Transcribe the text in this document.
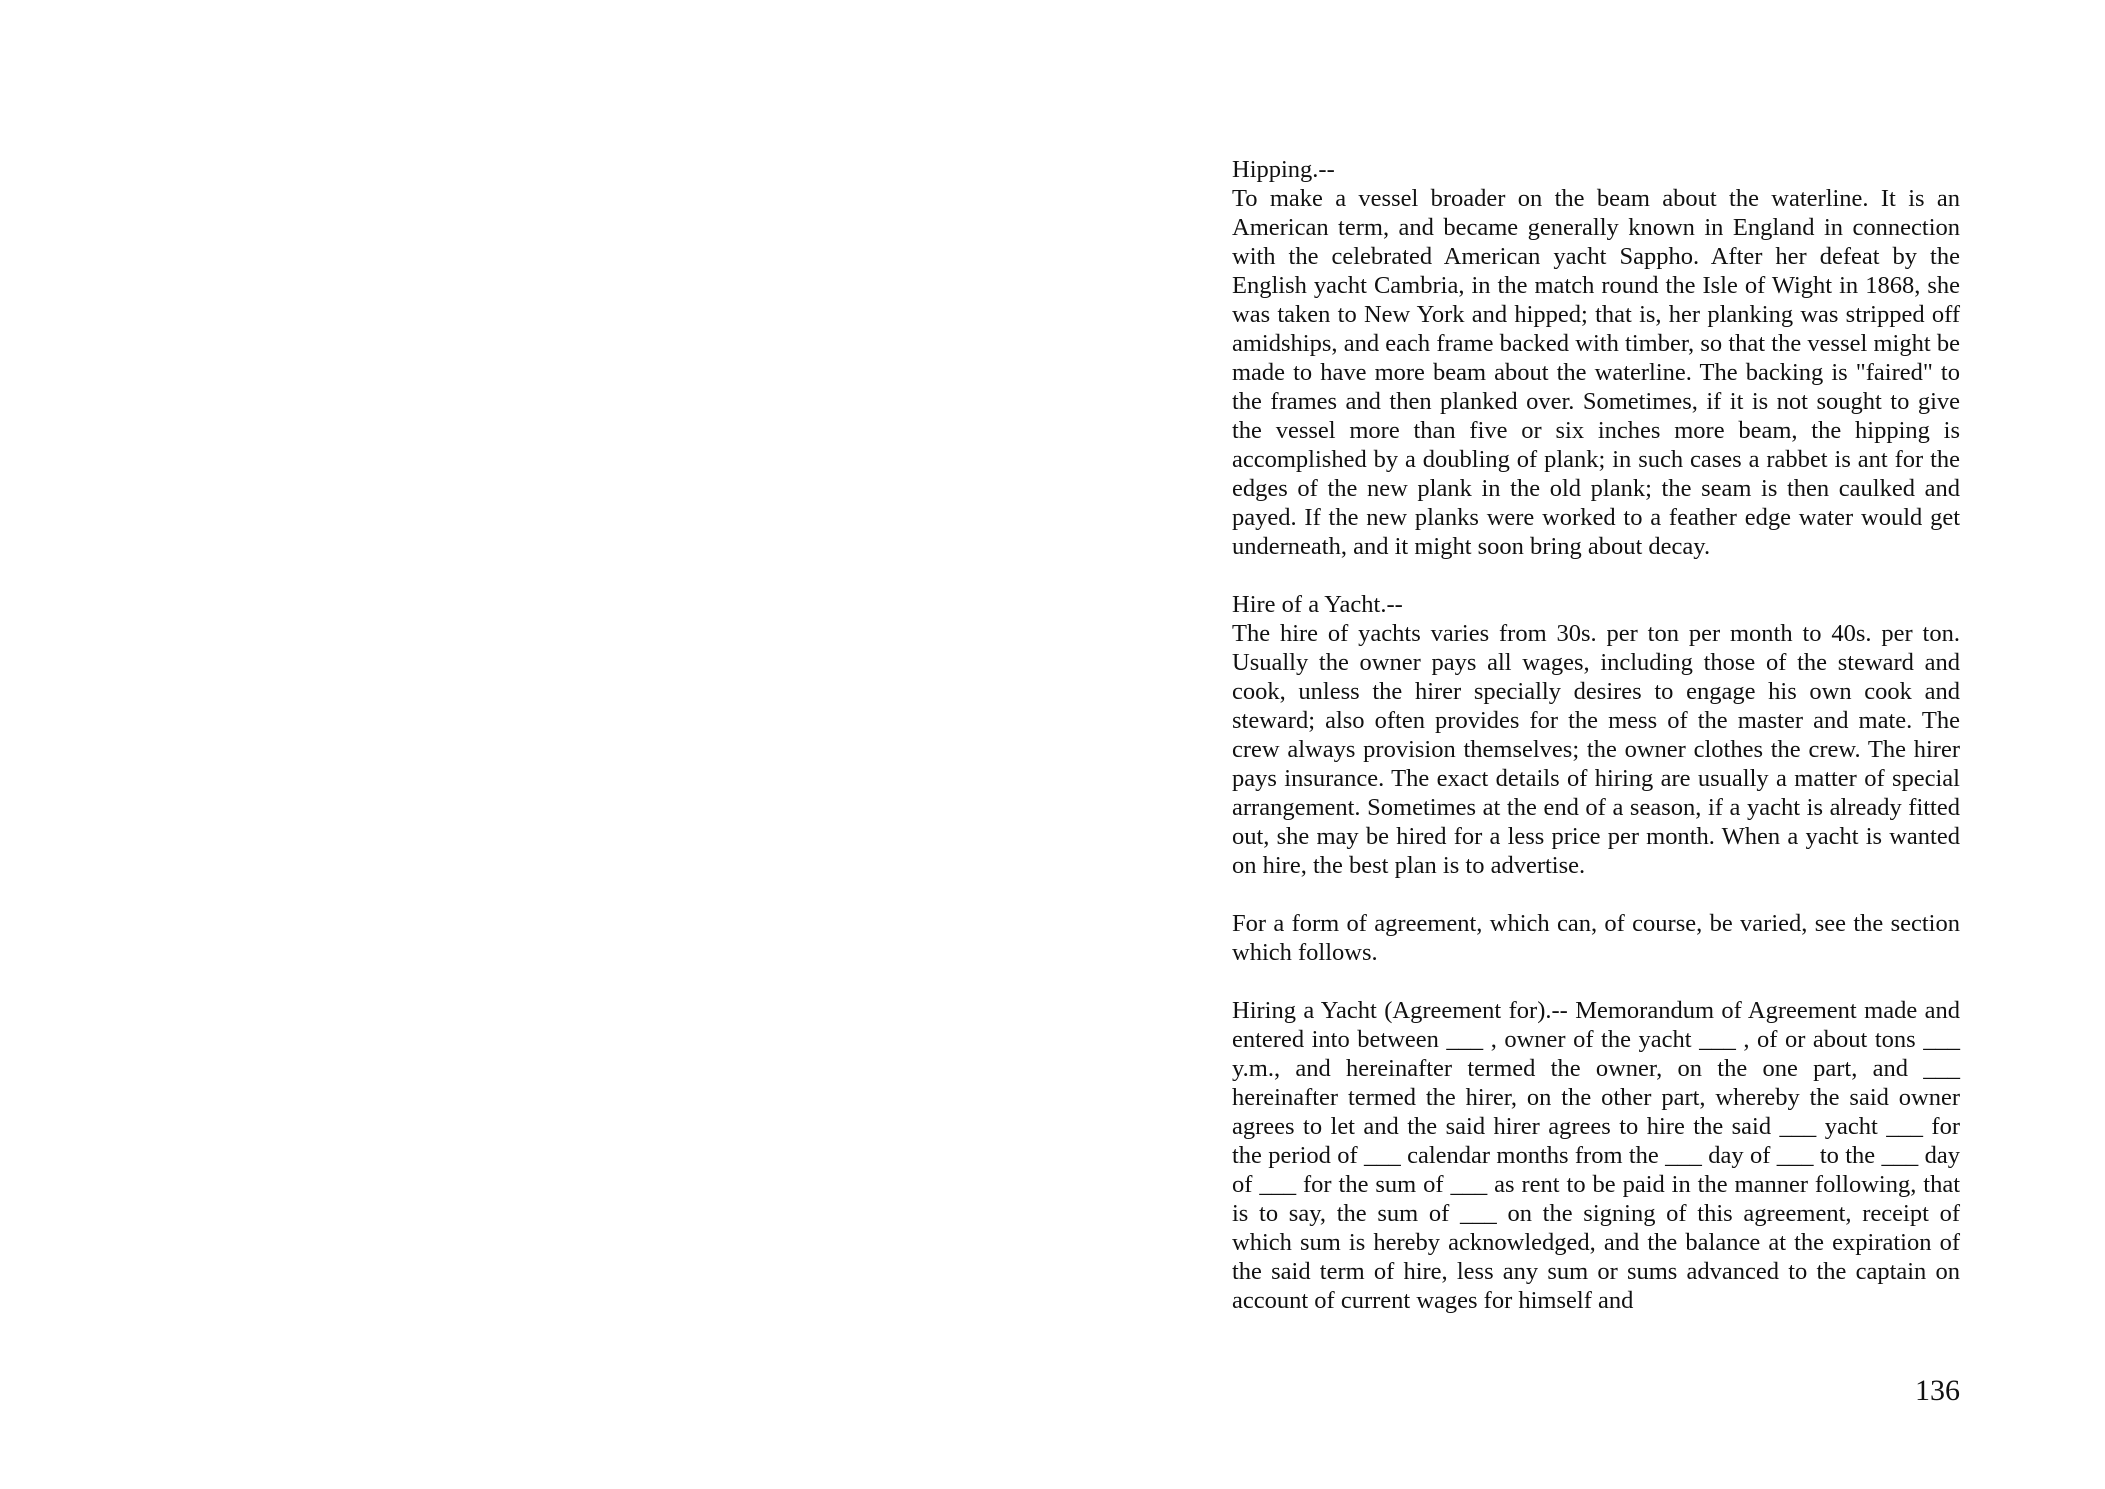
Hipping.--

To make a vessel broader on the beam about the waterline. It is an American term, and became generally known in England in connection with the celebrated American yacht Sappho. After her defeat by the English yacht Cambria, in the match round the Isle of Wight in 1868, she was taken to New York and hipped; that is, her planking was stripped off amidships, and each frame backed with timber, so that the vessel might be made to have more beam about the waterline. The backing is "faired" to the frames and then planked over. Sometimes, if it is not sought to give the vessel more than five or six inches more beam, the hipping is accomplished by a doubling of plank; in such cases a rabbet is ant for the edges of the new plank in the old plank; the seam is then caulked and payed. If the new planks were worked to a feather edge water would get underneath, and it might soon bring about decay.

Hire of a Yacht.--

The hire of yachts varies from 30s. per ton per month to 40s. per ton. Usually the owner pays all wages, including those of the steward and cook, unless the hirer specially desires to engage his own cook and steward; also often provides for the mess of the master and mate. The crew always provision themselves; the owner clothes the crew. The hirer pays insurance. The exact details of hiring are usually a matter of special arrangement. Sometimes at the end of a season, if a yacht is already fitted out, she may be hired for a less price per month. When a yacht is wanted on hire, the best plan is to advertise.

For a form of agreement, which can, of course, be varied, see the section which follows.

Hiring a Yacht (Agreement for).-- Memorandum of Agreement made and entered into between ___ , owner of the yacht ___ , of or about tons ___ y.m., and hereinafter termed the owner, on the one part, and ___ hereinafter termed the hirer, on the other part, whereby the said owner agrees to let and the said hirer agrees to hire the said ___ yacht ___ for the period of ___ calendar months from the ___ day of ___ to the ___ day of ___ for the sum of ___ as rent to be paid in the manner following, that is to say, the sum of ___ on the signing of this agreement, receipt of which sum is hereby acknowledged, and the balance at the expiration of the said term of hire, less any sum or sums advanced to the captain on account of current wages for himself and

136
